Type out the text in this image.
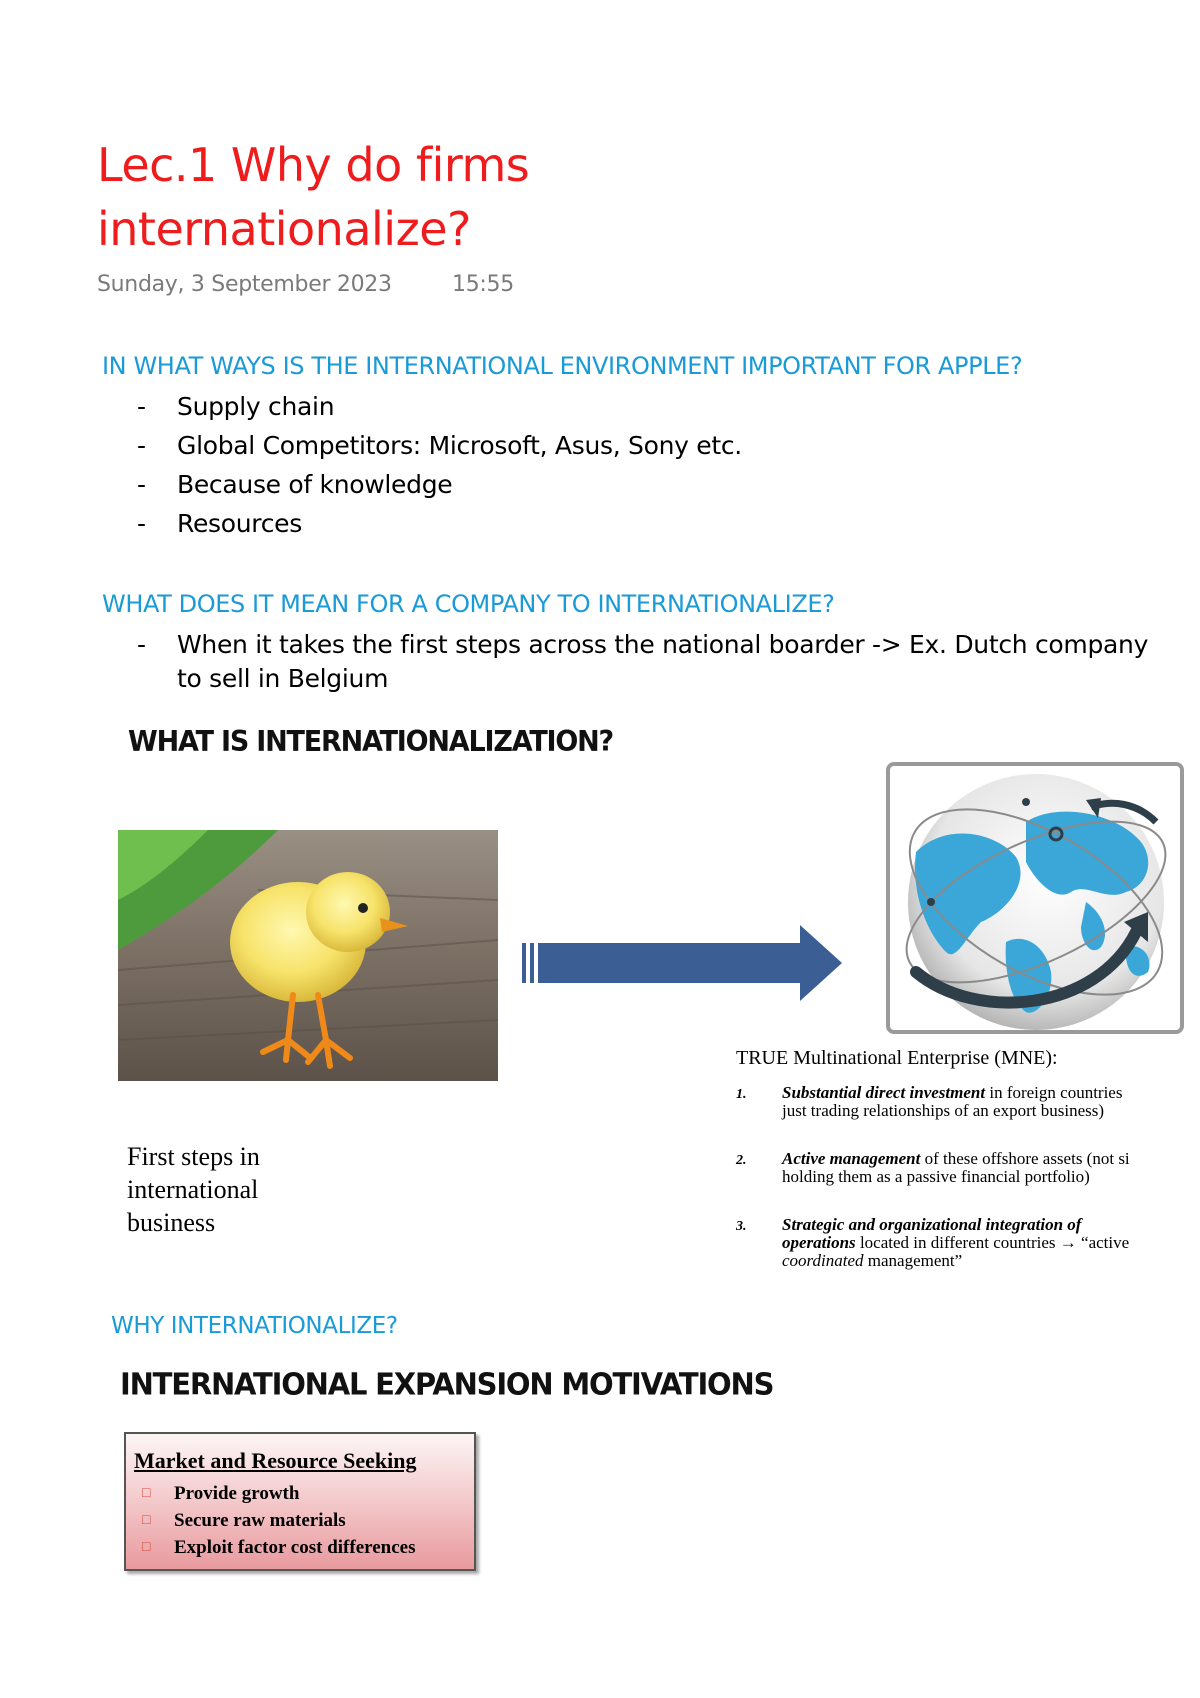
Lec.1 Why do firms internationalize?
Sunday, 3 September 2023	15:55
IN WHAT WAYS IS THE INTERNATIONAL ENVIRONMENT IMPORTANT FOR APPLE?
- Supply chain
- Global Competitors: Microsoft, Asus, Sony etc.
- Because of knowledge
- Resources
WHAT DOES IT MEAN FOR A COMPANY TO INTERNATIONALIZE?
- When it takes the first steps across the national boarder -> Ex. Dutch company
to sell in Belgium
WHAT IS INTERNATIONALIZATION?
TRUE Multinational Enterprise (MNE):
1. Substantial direct investment in foreign countries
just trading relationships of an export business)
2. Active management of these offshore assets (not si
holding them as a passive financial portfolio)
3. Strategic and organizational integration of
operations located in different countries → “active
coordinated management”
First steps in
international
business
WHY INTERNATIONALIZE?
INTERNATIONAL EXPANSION MOTIVATIONS
Market and Resource Seeking
□ Provide growth
□ Secure raw materials
□ Exploit factor cost differences
